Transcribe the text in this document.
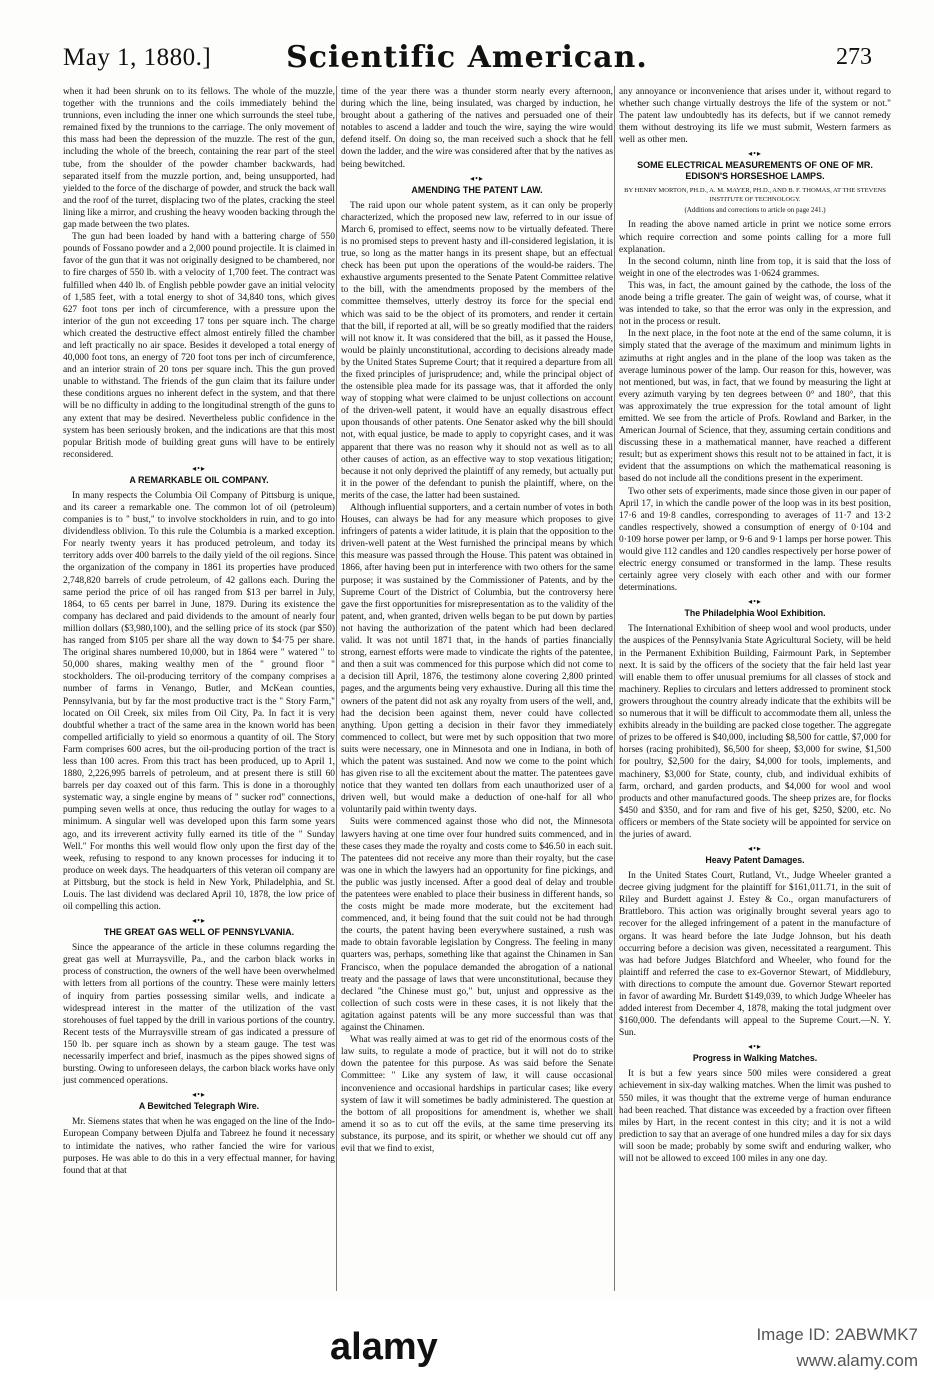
May 1, 1880.]	Scientific American.	273

when it had been shrunk on to its fellows. The whole of the muzzle, together with the trunnions and the coils immediately behind the trunnions, even including the inner one which surrounds the steel tube, remained fixed by the trunnions to the carriage. The only movement of this mass had been the depression of the muzzle. The rest of the gun, including the whole of the breech, containing the rear part of the steel tube, from the shoulder of the powder chamber backwards, had separated itself from the muzzle portion, and, being unsupported, had yielded to the force of the discharge of powder, and struck the back wall and the roof of the turret, displacing two of the plates, cracking the steel lining like a mirror, and crushing the heavy wooden backing through the gap made between the two plates.

The gun had been loaded by hand with a battering charge of 550 pounds of Fossano powder and a 2,000 pound projectile. It is claimed in favor of the gun that it was not originally designed to be chambered, nor to fire charges of 550 lb. with a velocity of 1,700 feet. The contract was fulfilled when 440 lb. of English pebble powder gave an initial velocity of 1,585 feet, with a total energy to shot of 34,840 tons, which gives 627 foot tons per inch of circumference, with a pressure upon the interior of the gun not exceeding 17 tons per square inch. The charge which created the destructive effect almost entirely filled the chamber and left practically no air space. Besides it developed a total energy of 40,000 foot tons, an energy of 720 foot tons per inch of circumference, and an interior strain of 20 tons per square inch. This the gun proved unable to withstand. The friends of the gun claim that its failure under these conditions argues no inherent defect in the system, and that there will be no difficulty in adding to the longitudinal strength of the guns to any extent that may be desired. Nevertheless public confidence in the system has been seriously broken, and the indications are that this most popular British mode of building great guns will have to be entirely reconsidered.

◂•▸
A REMARKABLE OIL COMPANY.

In many respects the Columbia Oil Company of Pittsburg is unique, and its career a remarkable one. The common lot of oil (petroleum) companies is to " bust," to involve stockholders in ruin, and to go into dividendless oblivion. To this rule the Columbia is a marked exception. For nearly twenty years it has produced petroleum, and today its territory adds over 400 barrels to the daily yield of the oil regions. Since the organization of the company in 1861 its properties have produced 2,748,820 barrels of crude petroleum, of 42 gallons each. During the same period the price of oil has ranged from $13 per barrel in July, 1864, to 65 cents per barrel in June, 1879. During its existence the company has declared and paid dividends to the amount of nearly four million dollars ($3,980,100), and the selling price of its stock (par $50) has ranged from $105 per share all the way down to $4·75 per share. The original shares numbered 10,000, but in 1864 were " watered " to 50,000 shares, making wealthy men of the " ground floor " stockholders. The oil-producing territory of the company comprises a number of farms in Venango, Butler, and McKean counties, Pennsylvania, but by far the most productive tract is the " Story Farm," located on Oil Creek, six miles from Oil City, Pa. In fact it is very doubtful whether a tract of the same area in the known world has been compelled artificially to yield so enormous a quantity of oil. The Story Farm comprises 600 acres, but the oil-producing portion of the tract is less than 100 acres. From this tract has been produced, up to April 1, 1880, 2,226,995 barrels of petroleum, and at present there is still 60 barrels per day coaxed out of this farm. This is done in a thoroughly systematic way, a single engine by means of " sucker rod" connections, pumping seven wells at once, thus reducing the outlay for wages to a minimum. A singular well was developed upon this farm some years ago, and its irreverent activity fully earned its title of the " Sunday Well." For months this well would flow only upon the first day of the week, refusing to respond to any known processes for inducing it to produce on week days. The headquarters of this veteran oil company are at Pittsburg, but the stock is held in New York, Philadelphia, and St. Louis. The last dividend was declared April 10, 1878, the low price of oil compelling this action.

◂•▸
THE GREAT GAS WELL OF PENNSYLVANIA.

Since the appearance of the article in these columns regarding the great gas well at Murraysville, Pa., and the carbon black works in process of construction, the owners of the well have been overwhelmed with letters from all portions of the country. These were mainly letters of inquiry from parties possessing similar wells, and indicate a widespread interest in the matter of the utilization of the vast storehouses of fuel tapped by the drill in various portions of the country. Recent tests of the Murraysville stream of gas indicated a pressure of 150 lb. per square inch as shown by a steam gauge. The test was necessarily imperfect and brief, inasmuch as the pipes showed signs of bursting. Owing to unforeseen delays, the carbon black works have only just commenced operations.

◂•▸
A Bewitched Telegraph Wire.

Mr. Siemens states that when he was engaged on the line of the Indo-European Company between Djulfa and Tabreez he found it necessary to intimidate the natives, who rather fancied the wire for various purposes. He was able to do this in a very effectual manner, for having found that at that

time of the year there was a thunder storm nearly every afternoon, during which the line, being insulated, was charged by induction, he brought about a gathering of the natives and persuaded one of their notables to ascend a ladder and touch the wire, saying the wire would defend itself. On doing so, the man received such a shock that he fell down the ladder, and the wire was considered after that by the natives as being bewitched.

◂•▸
AMENDING THE PATENT LAW.

The raid upon our whole patent system, as it can only be properly characterized, which the proposed new law, referred to in our issue of March 6, promised to effect, seems now to be virtually defeated. There is no promised steps to prevent hasty and ill-considered legislation, it is true, so long as the matter hangs in its present shape, but an effectual check has been put upon the operations of the would-be raiders. The exhaustive arguments presented to the Senate Patent Committee relative to the bill, with the amendments proposed by the members of the committee themselves, utterly destroy its force for the special end which was said to be the object of its promoters, and render it certain that the bill, if reported at all, will be so greatly modified that the raiders will not know it. It was considered that the bill, as it passed the House, would be plainly unconstitutional, according to decisions already made by the United States Supreme Court; that it required a departure from all the fixed principles of jurisprudence; and, while the principal object of the ostensible plea made for its passage was, that it afforded the only way of stopping what were claimed to be unjust collections on account of the driven-well patent, it would have an equally disastrous effect upon thousands of other patents. One Senator asked why the bill should not, with equal justice, be made to apply to copyright cases, and it was apparent that there was no reason why it should not as well as to all other causes of action, as an effective way to stop vexatious litigation; because it not only deprived the plaintiff of any remedy, but actually put it in the power of the defendant to punish the plaintiff, where, on the merits of the case, the latter had been sustained.

Although influential supporters, and a certain number of votes in both Houses, can always be had for any measure which proposes to give infringers of patents a wider latitude, it is plain that the opposition to the driven-well patent at the West furnished the principal means by which this measure was passed through the House. This patent was obtained in 1866, after having been put in interference with two others for the same purpose; it was sustained by the Commissioner of Patents, and by the Supreme Court of the District of Columbia, but the controversy here gave the first opportunities for misrepresentation as to the validity of the patent, and, when granted, driven wells began to be put down by parties not having the authorization of the patent which had been declared valid. It was not until 1871 that, in the hands of parties financially strong, earnest efforts were made to vindicate the rights of the patentee, and then a suit was commenced for this purpose which did not come to a decision till April, 1876, the testimony alone covering 2,800 printed pages, and the arguments being very exhaustive. During all this time the owners of the patent did not ask any royalty from users of the well, and, had the decision been against them, never could have collected anything. Upon getting a decision in their favor they immediately commenced to collect, but were met by such opposition that two more suits were necessary, one in Minnesota and one in Indiana, in both of which the patent was sustained. And now we come to the point which has given rise to all the excitement about the matter. The patentees gave notice that they wanted ten dollars from each unauthorized user of a driven well, but would make a deduction of one-half for all who voluntarily paid within twenty days.

Suits were commenced against those who did not, the Minnesota lawyers having at one time over four hundred suits commenced, and in these cases they made the royalty and costs come to $46.50 in each suit. The patentees did not receive any more than their royalty, but the case was one in which the lawyers had an opportunity for fine pickings, and the public was justly incensed. After a good deal of delay and trouble the patentees were enabled to place their business in different hands, so the costs might be made more moderate, but the excitement had commenced, and, it being found that the suit could not be had through the courts, the patent having been everywhere sustained, a rush was made to obtain favorable legislation by Congress. The feeling in many quarters was, perhaps, something like that against the Chinamen in San Francisco, when the populace demanded the abrogation of a national treaty and the passage of laws that were unconstitutional, because they declared "the Chinese must go," but, unjust and oppressive as the collection of such costs were in these cases, it is not likely that the agitation against patents will be any more successful than was that against the Chinamen.

What was really aimed at was to get rid of the enormous costs of the law suits, to regulate a mode of practice, but it will not do to strike down the patentee for this purpose. As was said before the Senate Committee: " Like any system of law, it will cause occasional inconvenience and occasional hardships in particular cases; like every system of law it will sometimes be badly administered. The question at the bottom of all propositions for amendment is, whether we shall amend it so as to cut off the evils, at the same time preserving its substance, its purpose, and its spirit, or whether we should cut off any evil that we find to exist,

any annoyance or inconvenience that arises under it, without regard to whether such change virtually destroys the life of the system or not." The patent law undoubtedly has its defects, but if we cannot remedy them without destroying its life we must submit, Western farmers as well as other men.

◂•▸
SOME ELECTRICAL MEASUREMENTS OF ONE OF MR. EDISON'S HORSESHOE LAMPS.
BY HENRY MORTON, PH.D., A. M. MAYER, PH.D., AND B. F. THOMAS, AT THE STEVENS INSTITUTE OF TECHNOLOGY.
(Additions and corrections to article on page 241.)

In reading the above named article in print we notice some errors which require correction and some points calling for a more full explanation.

In the second column, ninth line from top, it is said that the loss of weight in one of the electrodes was 1·0624 grammes.

This was, in fact, the amount gained by the cathode, the loss of the anode being a trifle greater. The gain of weight was, of course, what it was intended to take, so that the error was only in the expression, and not in the process or result.

In the next place, in the foot note at the end of the same column, it is simply stated that the average of the maximum and minimum lights in azimuths at right angles and in the plane of the loop was taken as the average luminous power of the lamp. Our reason for this, however, was not mentioned, but was, in fact, that we found by measuring the light at every azimuth varying by ten degrees between 0° and 180°, that this was approximately the true expression for the total amount of light emitted. We see from the article of Profs. Rowland and Barker, in the American Journal of Science, that they, assuming certain conditions and discussing these in a mathematical manner, have reached a different result; but as experiment shows this result not to be attained in fact, it is evident that the assumptions on which the mathematical reasoning is based do not include all the conditions present in the experiment.

Two other sets of experiments, made since those given in our paper of April 17, in which the candle power of the loop was in its best position, 17·6 and 19·8 candles, corresponding to averages of 11·7 and 13·2 candles respectively, showed a consumption of energy of 0·104 and 0·109 horse power per lamp, or 9·6 and 9·1 lamps per horse power. This would give 112 candles and 120 candles respectively per horse power of electric energy consumed or transformed in the lamp. These results certainly agree very closely with each other and with our former determinations.

◂•▸
The Philadelphia Wool Exhibition.

The International Exhibition of sheep wool and wool products, under the auspices of the Pennsylvania State Agricultural Society, will be held in the Permanent Exhibition Building, Fairmount Park, in September next. It is said by the officers of the society that the fair held last year will enable them to offer unusual premiums for all classes of stock and machinery. Replies to circulars and letters addressed to prominent stock growers throughout the country already indicate that the exhibits will be so numerous that it will be difficult to accommodate them all, unless the exhibits already in the building are packed close together. The aggregate of prizes to be offered is $40,000, including $8,500 for cattle, $7,000 for horses (racing prohibited), $6,500 for sheep, $3,000 for swine, $1,500 for poultry, $2,500 for the dairy, $4,000 for tools, implements, and machinery, $3,000 for State, county, club, and individual exhibits of farm, orchard, and garden products, and $4,000 for wool and wool products and other manufactured goods. The sheep prizes are, for flocks $450 and $350, and for ram and five of his get, $250, $200, etc. No officers or members of the State society will be appointed for service on the juries of award.

◂•▸
Heavy Patent Damages.

In the United States Court, Rutland, Vt., Judge Wheeler granted a decree giving judgment for the plaintiff for $161,011.71, in the suit of Riley and Burdett against J. Estey & Co., organ manufacturers of Brattleboro. This action was originally brought several years ago to recover for the alleged infringement of a patent in the manufacture of organs. It was heard before the late Judge Johnson, but his death occurring before a decision was given, necessitated a reargument. This was had before Judges Blatchford and Wheeler, who found for the plaintiff and referred the case to ex-Governor Stewart, of Middlebury, with directions to compute the amount due. Governor Stewart reported in favor of awarding Mr. Burdett $149,039, to which Judge Wheeler has added interest from December 4, 1878, making the total judgment over $160,000. The defendants will appeal to the Supreme Court.—N. Y. Sun.

◂•▸
Progress in Walking Matches.

It is but a few years since 500 miles were considered a great achievement in six-day walking matches. When the limit was pushed to 550 miles, it was thought that the extreme verge of human endurance had been reached. That distance was exceeded by a fraction over fifteen miles by Hart, in the recent contest in this city; and it is not a wild prediction to say that an average of one hundred miles a day for six days will soon be made; probably by some swift and enduring walker, who will not be allowed to exceed 100 miles in any one day.

alamy	Image ID: 2ABWMK7
www.alamy.com
